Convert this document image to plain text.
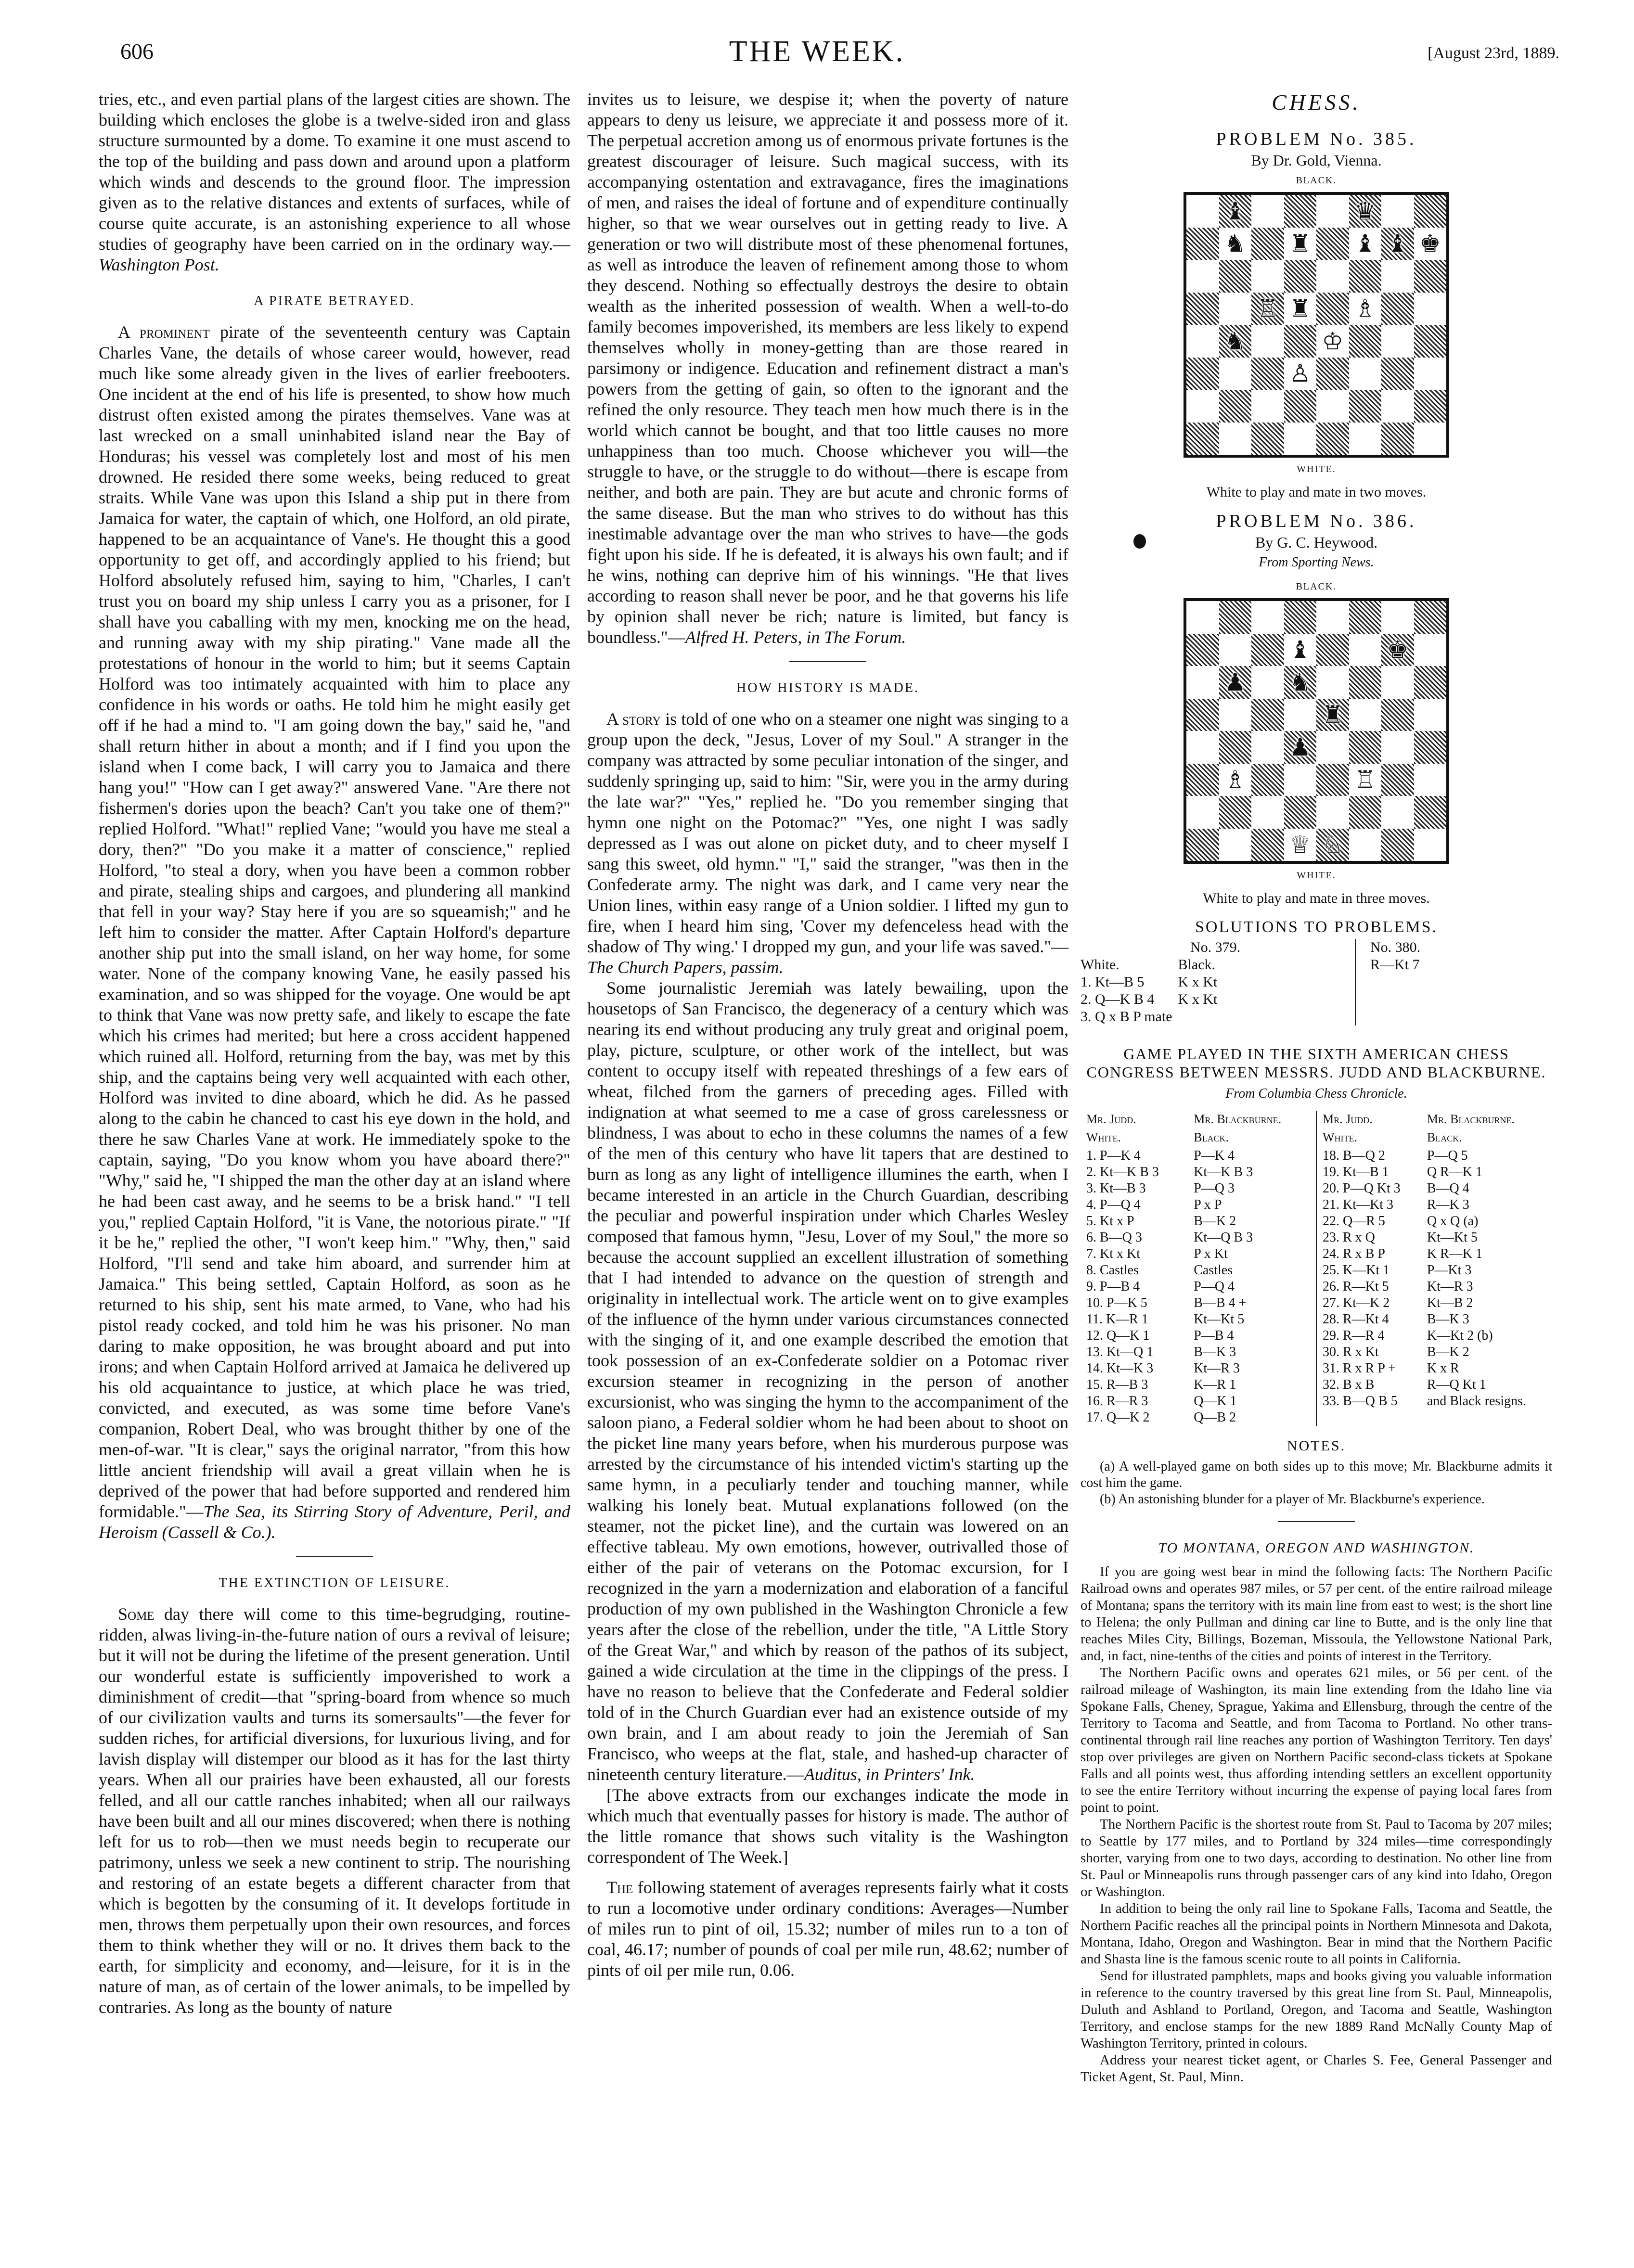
606	THE WEEK.	[August 23rd, 1889.

tries, etc., and even partial plans of the largest cities are shown. The building which encloses the globe is a twelve-sided iron and glass structure surmounted by a dome. To examine it one must ascend to the top of the building and pass down and around upon a platform which winds and descends to the ground floor. The impression given as to the relative distances and extents of surfaces, while of course quite accurate, is an astonishing experience to all whose studies of geography have been carried on in the ordinary way.—Washington Post.

A PIRATE BETRAYED.

A prominent pirate of the seventeenth century was Captain Charles Vane, the details of whose career would, however, read much like some already given in the lives of earlier freebooters. One incident at the end of his life is presented, to show how much distrust often existed among the pirates themselves. Vane was at last wrecked on a small uninhabited island near the Bay of Honduras; his vessel was completely lost and most of his men drowned. He resided there some weeks, being reduced to great straits. While Vane was upon this Island a ship put in there from Jamaica for water, the captain of which, one Holford, an old pirate, happened to be an acquaintance of Vane's. He thought this a good opportunity to get off, and accordingly applied to his friend; but Holford absolutely refused him, saying to him, "Charles, I can't trust you on board my ship unless I carry you as a prisoner, for I shall have you caballing with my men, knocking me on the head, and running away with my ship pirating." Vane made all the protestations of honour in the world to him; but it seems Captain Holford was too intimately acquainted with him to place any confidence in his words or oaths. He told him he might easily get off if he had a mind to. "I am going down the bay," said he, "and shall return hither in about a month; and if I find you upon the island when I come back, I will carry you to Jamaica and there hang you!" "How can I get away?" answered Vane. "Are there not fishermen's dories upon the beach? Can't you take one of them?" replied Holford. "What!" replied Vane; "would you have me steal a dory, then?" "Do you make it a matter of conscience," replied Holford, "to steal a dory, when you have been a common robber and pirate, stealing ships and cargoes, and plundering all mankind that fell in your way? Stay here if you are so squeamish;" and he left him to consider the matter. After Captain Holford's departure another ship put into the small island, on her way home, for some water. None of the company knowing Vane, he easily passed his examination, and so was shipped for the voyage. One would be apt to think that Vane was now pretty safe, and likely to escape the fate which his crimes had merited; but here a cross accident happened which ruined all. Holford, returning from the bay, was met by this ship, and the captains being very well acquainted with each other, Holford was invited to dine aboard, which he did. As he passed along to the cabin he chanced to cast his eye down in the hold, and there he saw Charles Vane at work. He immediately spoke to the captain, saying, "Do you know whom you have aboard there?" "Why," said he, "I shipped the man the other day at an island where he had been cast away, and he seems to be a brisk hand." "I tell you," replied Captain Holford, "it is Vane, the notorious pirate." "If it be he," replied the other, "I won't keep him." "Why, then," said Holford, "I'll send and take him aboard, and surrender him at Jamaica." This being settled, Captain Holford, as soon as he returned to his ship, sent his mate armed, to Vane, who had his pistol ready cocked, and told him he was his prisoner. No man daring to make opposition, he was brought aboard and put into irons; and when Captain Holford arrived at Jamaica he delivered up his old acquaintance to justice, at which place he was tried, convicted, and executed, as was some time before Vane's companion, Robert Deal, who was brought thither by one of the men-of-war. "It is clear," says the original narrator, "from this how little ancient friendship will avail a great villain when he is deprived of the power that had before supported and rendered him formidable."—The Sea, its Stirring Story of Adventure, Peril, and Heroism (Cassell & Co.).

THE EXTINCTION OF LEISURE.

Some day there will come to this time-begrudging, routine-ridden, alwas living-in-the-future nation of ours a revival of leisure; but it will not be during the lifetime of the present generation. Until our wonderful estate is sufficiently impoverished to work a diminishment of credit—that "spring-board from whence so much of our civilization vaults and turns its somersaults"—the fever for sudden riches, for artificial diversions, for luxurious living, and for lavish display will distemper our blood as it has for the last thirty years. When all our prairies have been exhausted, all our forests felled, and all our cattle ranches inhabited; when all our railways have been built and all our mines discovered; when there is nothing left for us to rob—then we must needs begin to recuperate our patrimony, unless we seek a new continent to strip. The nourishing and restoring of an estate begets a different character from that which is begotten by the consuming of it. It develops fortitude in men, throws them perpetually upon their own resources, and forces them to think whether they will or no. It drives them back to the earth, for simplicity and economy, and—leisure, for it is in the nature of man, as of certain of the lower animals, to be impelled by contraries. As long as the bounty of nature

invites us to leisure, we despise it; when the poverty of nature appears to deny us leisure, we appreciate it and possess more of it. The perpetual accretion among us of enormous private fortunes is the greatest discourager of leisure. Such magical success, with its accompanying ostentation and extravagance, fires the imaginations of men, and raises the ideal of fortune and of expenditure continually higher, so that we wear ourselves out in getting ready to live. A generation or two will distribute most of these phenomenal fortunes, as well as introduce the leaven of refinement among those to whom they descend. Nothing so effectually destroys the desire to obtain wealth as the inherited possession of wealth. When a well-to-do family becomes impoverished, its members are less likely to expend themselves wholly in money-getting than are those reared in parsimony or indigence. Education and refinement distract a man's powers from the getting of gain, so often to the ignorant and the refined the only resource. They teach men how much there is in the world which cannot be bought, and that too little causes no more unhappiness than too much. Choose whichever you will—the struggle to have, or the struggle to do without—there is escape from neither, and both are pain. They are but acute and chronic forms of the same disease. But the man who strives to do without has this inestimable advantage over the man who strives to have—the gods fight upon his side. If he is defeated, it is always his own fault; and if he wins, nothing can deprive him of his winnings. "He that lives according to reason shall never be poor, and he that governs his life by opinion shall never be rich; nature is limited, but fancy is boundless."—Alfred H. Peters, in The Forum.

HOW HISTORY IS MADE.

A story is told of one who on a steamer one night was singing to a group upon the deck, "Jesus, Lover of my Soul." A stranger in the company was attracted by some peculiar intonation of the singer, and suddenly springing up, said to him: "Sir, were you in the army during the late war?" "Yes," replied he. "Do you remember singing that hymn one night on the Potomac?" "Yes, one night I was sadly depressed as I was out alone on picket duty, and to cheer myself I sang this sweet, old hymn." "I," said the stranger, "was then in the Confederate army. The night was dark, and I came very near the Union lines, within easy range of a Union soldier. I lifted my gun to fire, when I heard him sing, 'Cover my defenceless head with the shadow of Thy wing.' I dropped my gun, and your life was saved."—The Church Papers, passim.

Some journalistic Jeremiah was lately bewailing, upon the housetops of San Francisco, the degeneracy of a century which was nearing its end without producing any truly great and original poem, play, picture, sculpture, or other work of the intellect, but was content to occupy itself with repeated threshings of a few ears of wheat, filched from the garners of preceding ages. Filled with indignation at what seemed to me a case of gross carelessness or blindness, I was about to echo in these columns the names of a few of the men of this century who have lit tapers that are destined to burn as long as any light of intelligence illumines the earth, when I became interested in an article in the Church Guardian, describing the peculiar and powerful inspiration under which Charles Wesley composed that famous hymn, "Jesu, Lover of my Soul," the more so because the account supplied an excellent illustration of something that I had intended to advance on the question of strength and originality in intellectual work. The article went on to give examples of the influence of the hymn under various circumstances connected with the singing of it, and one example described the emotion that took possession of an ex-Confederate soldier on a Potomac river excursion steamer in recognizing in the person of another excursionist, who was singing the hymn to the accompaniment of the saloon piano, a Federal soldier whom he had been about to shoot on the picket line many years before, when his murderous purpose was arrested by the circumstance of his intended victim's starting up the same hymn, in a peculiarly tender and touching manner, while walking his lonely beat. Mutual explanations followed (on the steamer, not the picket line), and the curtain was lowered on an effective tableau. My own emotions, however, outrivalled those of either of the pair of veterans on the Potomac excursion, for I recognized in the yarn a modernization and elaboration of a fanciful production of my own published in the Washington Chronicle a few years after the close of the rebellion, under the title, "A Little Story of the Great War," and which by reason of the pathos of its subject, gained a wide circulation at the time in the clippings of the press. I have no reason to believe that the Confederate and Federal soldier told of in the Church Guardian ever had an existence outside of my own brain, and I am about ready to join the Jeremiah of San Francisco, who weeps at the flat, stale, and hashed-up character of nineteenth century literature.—Auditus, in Printers' Ink.

[The above extracts from our exchanges indicate the mode in which much that eventually passes for history is made. The author of the little romance that shows such vitality is the Washington correspondent of The Week.]

The following statement of averages represents fairly what it costs to run a locomotive under ordinary conditions: Averages—Number of miles run to pint of oil, 15.32; number of miles run to a ton of coal, 46.17; number of pounds of coal per mile run, 48.62; number of pints of oil per mile run, 0.06.

CHESS.
PROBLEM No. 385.
By Dr. Gold, Vienna.
BLACK.
♝	♛
♞ ♜ ♝ ♝ ♚
♖ ♜ ♗
♞	♔
♙
WHITE.
White to play and mate in two moves.
PROBLEM No. 386.
By G. C. Heywood.
From Sporting News.
BLACK.
♝	♚
♟ ♞
♜
♟
♗	♖
♕ ♘
WHITE.
White to play and mate in three moves.
SOLUTIONS TO PROBLEMS.
No. 379.
White.	Black.
1. Kt—B 5	K x Kt
2. Q—K B 4	K x Kt
3. Q x B P mate	
No. 380.
R—Kt 7
GAME PLAYED IN THE SIXTH AMERICAN CHESS CONGRESS BETWEEN MESSRS. JUDD AND BLACKBURNE.
From Columbia Chess Chronicle.
Mr. Judd.	Mr. Blackburne.
White.	Black.
1. P—K 4	P—K 4
2. Kt—K B 3	Kt—K B 3
3. Kt—B 3	P—Q 3
4. P—Q 4	P x P
5. Kt x P	B—K 2
6. B—Q 3	Kt—Q B 3
7. Kt x Kt	P x Kt
8. Castles	Castles
9. P—B 4	P—Q 4
10. P—K 5	B—B 4 +
11. K—R 1	Kt—Kt 5
12. Q—K 1	P—B 4
13. Kt—Q 1	B—K 3
14. Kt—K 3	Kt—R 3
15. R—B 3	K—R 1
16. R—R 3	Q—K 1
17. Q—K 2	Q—B 2
Mr. Judd.	Mr. Blackburne.
White.	Black.
18. B—Q 2	P—Q 5
19. Kt—B 1	Q R—K 1
20. P—Q Kt 3	B—Q 4
21. Kt—Kt 3	R—K 3
22. Q—R 5	Q x Q (a)
23. R x Q	Kt—Kt 5
24. R x B P	K R—K 1
25. K—Kt 1	P—Kt 3
26. R—Kt 5	Kt—R 3
27. Kt—K 2	Kt—B 2
28. R—Kt 4	B—K 3
29. R—R 4	K—Kt 2 (b)
30. R x Kt	B—K 2
31. R x R P +	K x R
32. B x B	R—Q Kt 1
33. B—Q B 5	and Black resigns.
NOTES.
(a) A well-played game on both sides up to this move; Mr. Blackburne admits it cost him the game.
(b) An astonishing blunder for a player of Mr. Blackburne's experience.
TO MONTANA, OREGON AND WASHINGTON.

If you are going west bear in mind the following facts: The Northern Pacific Railroad owns and operates 987 miles, or 57 per cent. of the entire railroad mileage of Montana; spans the territory with its main line from east to west; is the short line to Helena; the only Pullman and dining car line to Butte, and is the only line that reaches Miles City, Billings, Bozeman, Missoula, the Yellowstone National Park, and, in fact, nine-tenths of the cities and points of interest in the Territory.

The Northern Pacific owns and operates 621 miles, or 56 per cent. of the railroad mileage of Washington, its main line extending from the Idaho line via Spokane Falls, Cheney, Sprague, Yakima and Ellensburg, through the centre of the Territory to Tacoma and Seattle, and from Tacoma to Portland. No other trans-continental through rail line reaches any portion of Washington Territory. Ten days' stop over privileges are given on Northern Pacific second-class tickets at Spokane Falls and all points west, thus affording intending settlers an excellent opportunity to see the entire Territory without incurring the expense of paying local fares from point to point.

The Northern Pacific is the shortest route from St. Paul to Tacoma by 207 miles; to Seattle by 177 miles, and to Portland by 324 miles—time correspondingly shorter, varying from one to two days, according to destination. No other line from St. Paul or Minneapolis runs through passenger cars of any kind into Idaho, Oregon or Washington.

In addition to being the only rail line to Spokane Falls, Tacoma and Seattle, the Northern Pacific reaches all the principal points in Northern Minnesota and Dakota, Montana, Idaho, Oregon and Washington. Bear in mind that the Northern Pacific and Shasta line is the famous scenic route to all points in California.

Send for illustrated pamphlets, maps and books giving you valuable information in reference to the country traversed by this great line from St. Paul, Minneapolis, Duluth and Ashland to Portland, Oregon, and Tacoma and Seattle, Washington Territory, and enclose stamps for the new 1889 Rand McNally County Map of Washington Territory, printed in colours.

Address your nearest ticket agent, or Charles S. Fee, General Passenger and Ticket Agent, St. Paul, Minn.
